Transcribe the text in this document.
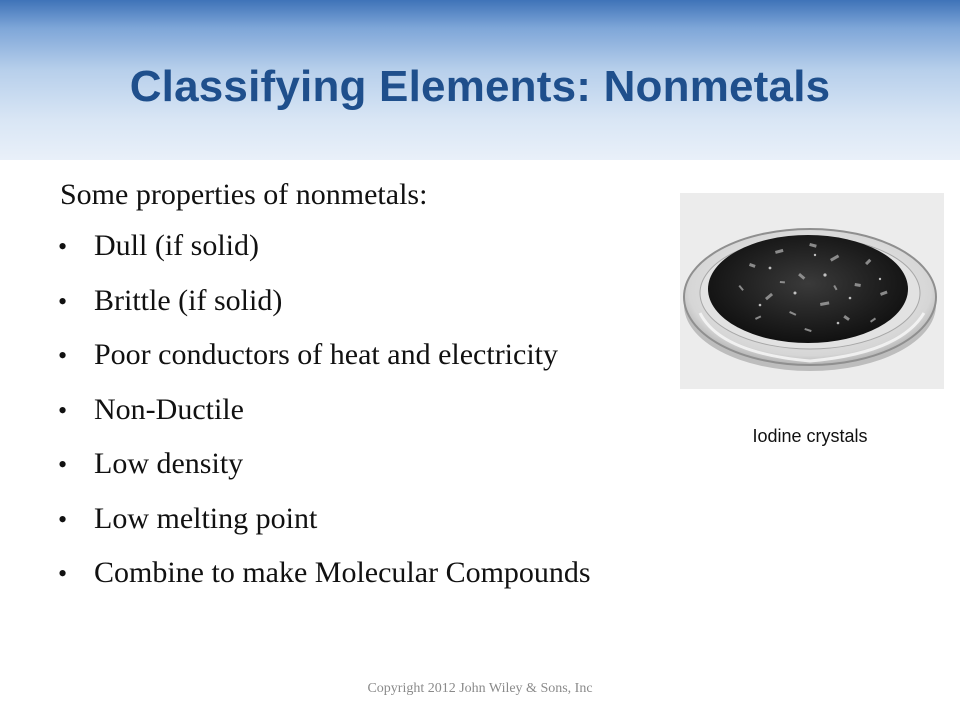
Classifying Elements: Nonmetals
Some properties of nonmetals:
• Dull (if solid)
• Brittle (if solid)
• Poor conductors of heat and electricity
• Non-Ductile
• Low density
• Low melting point
• Combine to make Molecular Compounds
Iodine crystals
Copyright 2012 John Wiley & Sons, Inc
